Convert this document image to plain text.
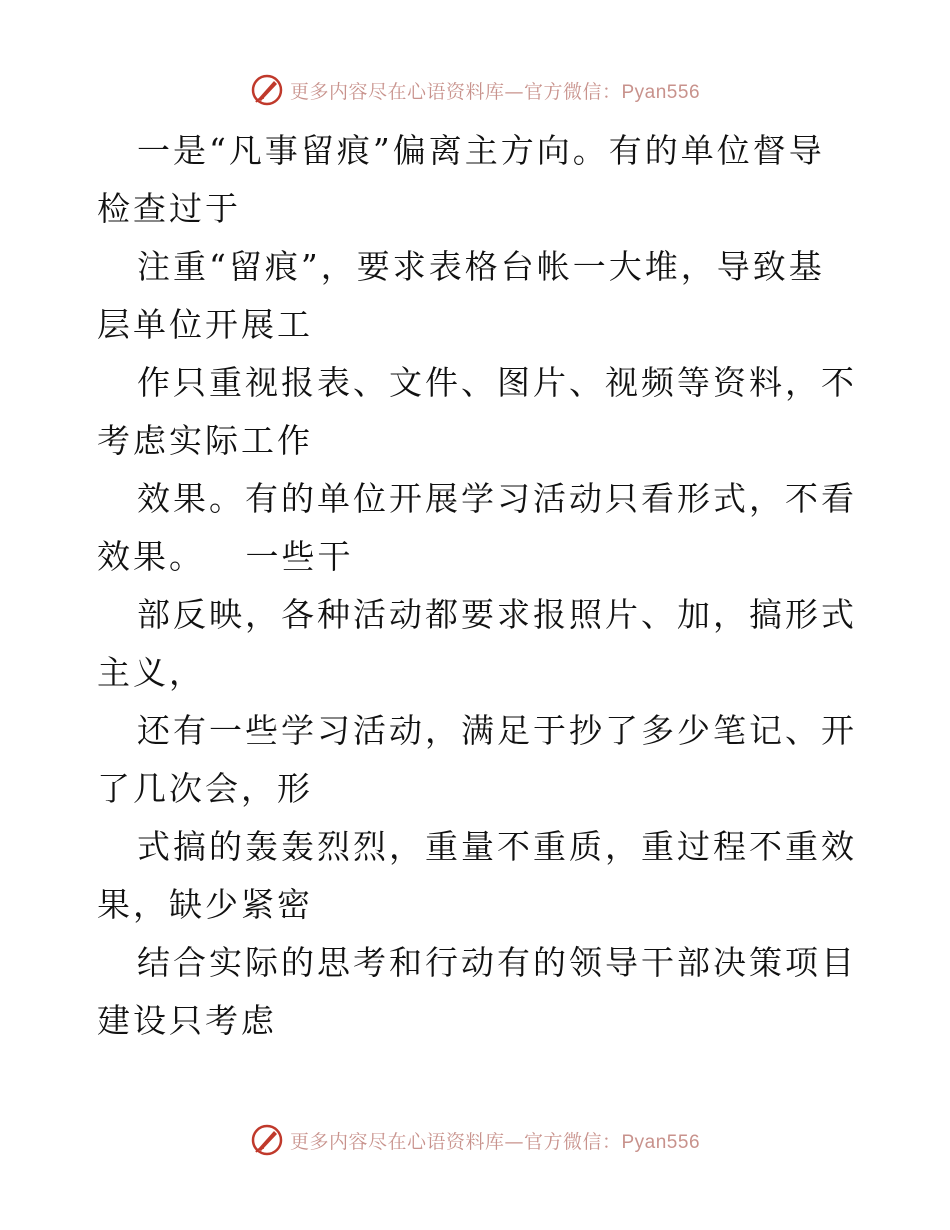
更多内容尽在心语资料库—官方微信：Pyan556

一是“凡事留痕”偏离主方向。有的单位督导检查过于

注重“留痕”，要求表格台帐一大堆，导致基层单位开展工

作只重视报表、文件、图片、视频等资料，不考虑实际工作

效果。有的单位开展学习活动只看形式，不看效果。   一些干

部反映，各种活动都要求报照片、加，搞形式主义，

还有一些学习活动，满足于抄了多少笔记、开了几次会，形

式搞的轰轰烈烈，重量不重质，重过程不重效果，缺少紧密

结合实际的思考和行动有的领导干部决策项目建设只考虑

更多内容尽在心语资料库—官方微信：Pyan556
